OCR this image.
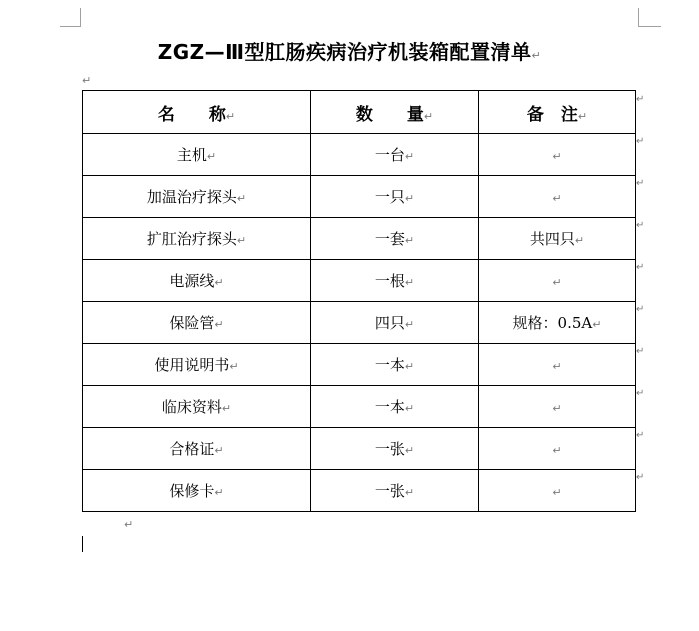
ZGZ—Ⅲ型肛肠疾病治疗机装箱配置清单↵
↵
名　　称↵	数　　量↵	备　注↵
主机↵	一台↵	↵
加温治疗探头↵	一只↵	↵
扩肛治疗探头↵	一套↵	共四只↵
电源线↵	一根↵	↵
保险管↵	四只↵	规格：0.5A↵
使用说明书↵	一本↵	↵
临床资料↵	一本↵	↵
合格证↵	一张↵	↵
保修卡↵	一张↵	↵
↵
↵
↵
↵
↵
↵
↵
↵
↵
↵
↵
